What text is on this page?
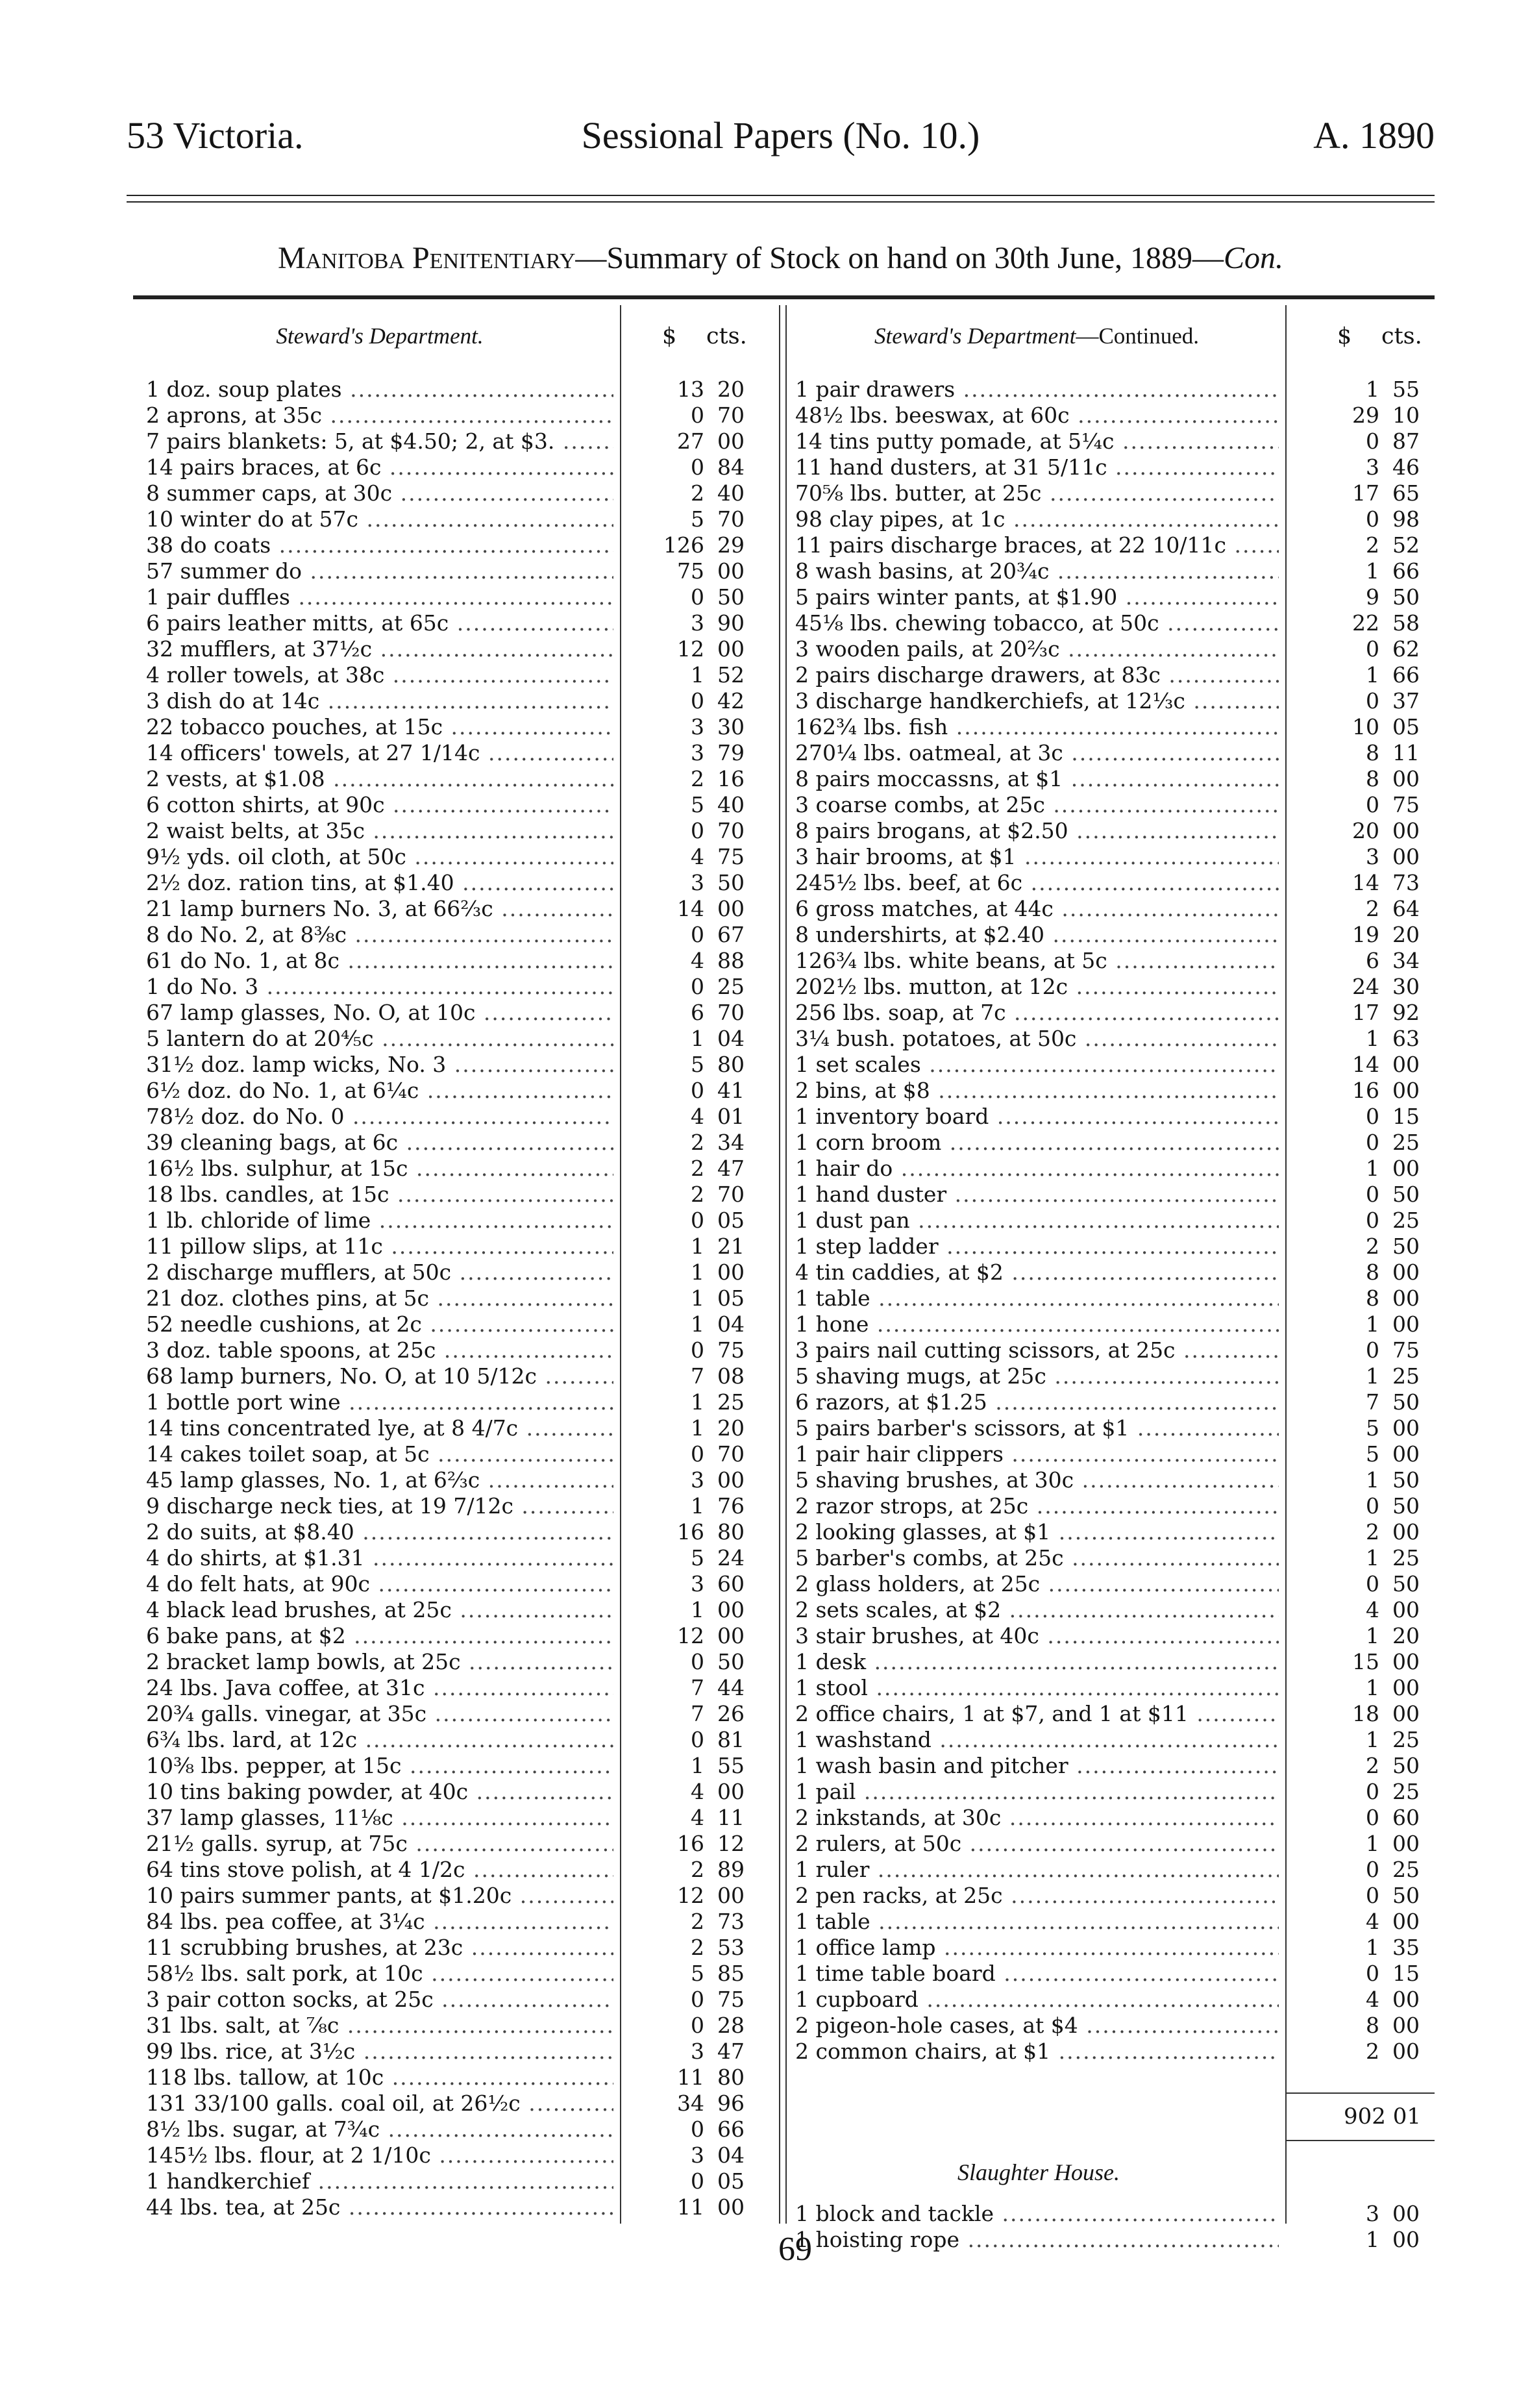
53 Victoria.	Sessional Papers (No. 10.)	A. 1890
Manitoba Penitentiary—Summary of Stock on hand on 30th June, 1889—Con.
Steward's Department.	$ cts.	Steward's Department—Continued.	$ cts.
1 doz. soup plates .....	13 20
2 aprons, at 35c .....	0 70
7 pairs blankets: 5, at $4.50; 2, at $3. .....	27 00
14 pairs braces, at 6c .....	0 84
8 summer caps, at 30c .....	2 40
10 winter do at 57c .....	5 70
38 do coats .....	126 29
57 summer do .....	75 00
1 pair duffles .....	0 50
6 pairs leather mitts, at 65c .....	3 90
32 mufflers, at 37½c .....	12 00
4 roller towels, at 38c .....	1 52
3 dish do at 14c .....	0 42
22 tobacco pouches, at 15c .....	3 30
14 officers' towels, at 27 1/14c .....	3 79
2 vests, at $1.08 .....	2 16
6 cotton shirts, at 90c .....	5 40
2 waist belts, at 35c .....	0 70
9½ yds. oil cloth, at 50c .....	4 75
2½ doz. ration tins, at $1.40 .....	3 50
21 lamp burners No. 3, at 66⅔c .....	14 00
8 do No. 2, at 8⅜c .....	0 67
61 do No. 1, at 8c .....	4 88
1 do No. 3 .....	0 25
67 lamp glasses, No. O, at 10c .....	6 70
5 lantern do at 20⅘c .....	1 04
31½ doz. lamp wicks, No. 3 .....	5 80
6½ doz. do No. 1, at 6¼c .....	0 41
78½ doz. do No. 0 .....	4 01
39 cleaning bags, at 6c .....	2 34
16½ lbs. sulphur, at 15c .....	2 47
18 lbs. candles, at 15c .....	2 70
1 lb. chloride of lime .....	0 05
11 pillow slips, at 11c .....	1 21
2 discharge mufflers, at 50c .....	1 00
21 doz. clothes pins, at 5c .....	1 05
52 needle cushions, at 2c .....	1 04
3 doz. table spoons, at 25c .....	0 75
68 lamp burners, No. O, at 10 5/12c .....	7 08
1 bottle port wine .....	1 25
14 tins concentrated lye, at 8 4/7c .....	1 20
14 cakes toilet soap, at 5c .....	0 70
45 lamp glasses, No. 1, at 6⅔c .....	3 00
9 discharge neck ties, at 19 7/12c .....	1 76
2 do suits, at $8.40 .....	16 80
4 do shirts, at $1.31 .....	5 24
4 do felt hats, at 90c .....	3 60
4 black lead brushes, at 25c .....	1 00
6 bake pans, at $2 .....	12 00
2 bracket lamp bowls, at 25c .....	0 50
24 lbs. Java coffee, at 31c .....	7 44
20¾ galls. vinegar, at 35c .....	7 26
6¾ lbs. lard, at 12c .....	0 81
10⅜ lbs. pepper, at 15c .....	1 55
10 tins baking powder, at 40c .....	4 00
37 lamp glasses, 11⅛c .....	4 11
21½ galls. syrup, at 75c .....	16 12
64 tins stove polish, at 4 1/2c .....	2 89
10 pairs summer pants, at $1.20c .....	12 00
84 lbs. pea coffee, at 3¼c .....	2 73
11 scrubbing brushes, at 23c .....	2 53
58½ lbs. salt pork, at 10c .....	5 85
3 pair cotton socks, at 25c .....	0 75
31 lbs. salt, at ⅞c .....	0 28
99 lbs. rice, at 3½c .....	3 47
118 lbs. tallow, at 10c .....	11 80
131 33/100 galls. coal oil, at 26½c .....	34 96
8½ lbs. sugar, at 7¾c .....	0 66
145½ lbs. flour, at 2 1/10c .....	3 04
1 handkerchief .....	0 05
44 lbs. tea, at 25c .....	11 00
1 pair drawers .....	1 55
48½ lbs. beeswax, at 60c .....	29 10
14 tins putty pomade, at 5¼c .....	0 87
11 hand dusters, at 31 5/11c .....	3 46
70⅝ lbs. butter, at 25c .....	17 65
98 clay pipes, at 1c .....	0 98
11 pairs discharge braces, at 22 10/11c .....	2 52
8 wash basins, at 20¾c .....	1 66
5 pairs winter pants, at $1.90 .....	9 50
45⅛ lbs. chewing tobacco, at 50c .....	22 58
3 wooden pails, at 20⅔c .....	0 62
2 pairs discharge drawers, at 83c .....	1 66
3 discharge handkerchiefs, at 12⅓c .....	0 37
162¾ lbs. fish .....	10 05
270¼ lbs. oatmeal, at 3c .....	8 11
8 pairs moccassns, at $1 .....	8 00
3 coarse combs, at 25c .....	0 75
8 pairs brogans, at $2.50 .....	20 00
3 hair brooms, at $1 .....	3 00
245½ lbs. beef, at 6c .....	14 73
6 gross matches, at 44c .....	2 64
8 undershirts, at $2.40 .....	19 20
126¾ lbs. white beans, at 5c .....	6 34
202½ lbs. mutton, at 12c .....	24 30
256 lbs. soap, at 7c .....	17 92
3¼ bush. potatoes, at 50c .....	1 63
1 set scales .....	14 00
2 bins, at $8 .....	16 00
1 inventory board .....	0 15
1 corn broom .....	0 25
1 hair do .....	1 00
1 hand duster .....	0 50
1 dust pan .....	0 25
1 step ladder .....	2 50
4 tin caddies, at $2 .....	8 00
1 table .....	8 00
1 hone .....	1 00
3 pairs nail cutting scissors, at 25c .....	0 75
5 shaving mugs, at 25c .....	1 25
6 razors, at $1.25 .....	7 50
5 pairs barber's scissors, at $1 .....	5 00
1 pair hair clippers .....	5 00
5 shaving brushes, at 30c .....	1 50
2 razor strops, at 25c .....	0 50
2 looking glasses, at $1 .....	2 00
5 barber's combs, at 25c .....	1 25
2 glass holders, at 25c .....	0 50
2 sets scales, at $2 .....	4 00
3 stair brushes, at 40c .....	1 20
1 desk .....	15 00
1 stool .....	1 00
2 office chairs, 1 at $7, and 1 at $11 .....	18 00
1 washstand .....	1 25
1 wash basin and pitcher .....	2 50
1 pail .....	0 25
2 inkstands, at 30c .....	0 60
2 rulers, at 50c .....	1 00
1 ruler .....	0 25
2 pen racks, at 25c .....	0 50
1 table .....	4 00
1 office lamp .....	1 35
1 time table board .....	0 15
1 cupboard .....	4 00
2 pigeon-hole cases, at $4 .....	8 00
2 common chairs, at $1 .....	2 00
902 01
Slaughter House.
1 block and tackle .....	3 00
1 hoisting rope .....	1 00
69
